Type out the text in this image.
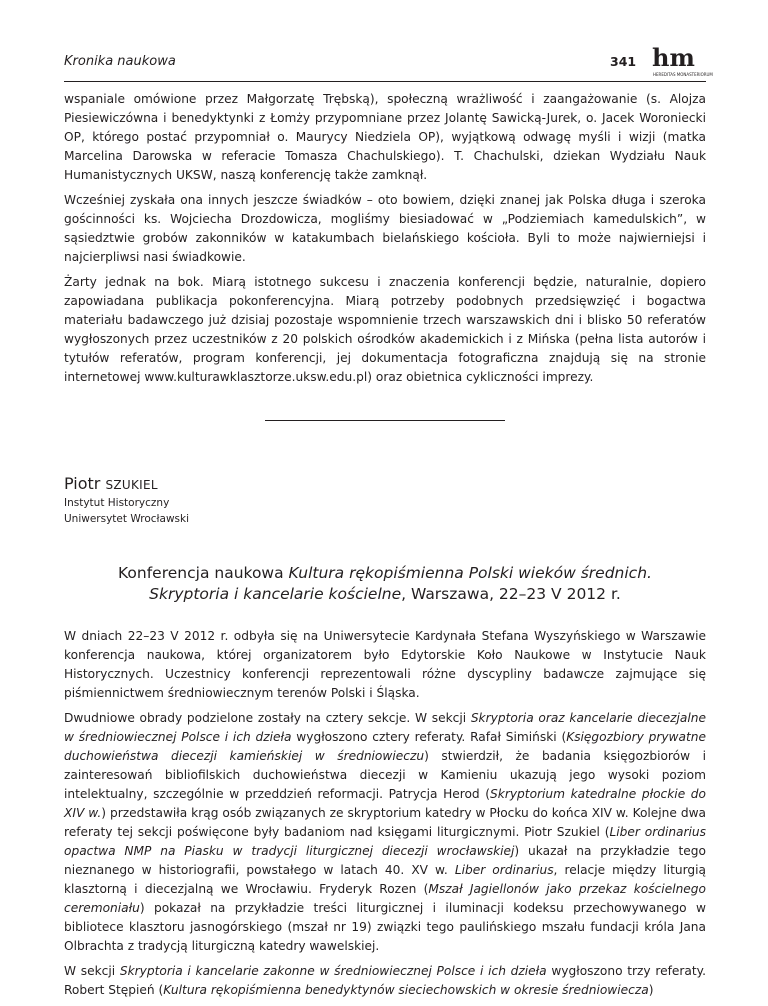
Kronika naukowa	341 hm
HEREDITAS MONASTERIORUM

wspaniale omówione przez Małgorzatę Trębską), społeczną wrażliwość i zaangażowanie (s. Alojza Piesiewiczówna i benedyktynki z Łomży przypomniane przez Jolantę Sawicką-Jurek, o. Jacek Woroniecki OP, którego postać przypomniał o. Maurycy Niedziela OP), wyjątkową odwagę myśli i wizji (matka Marcelina Darowska w referacie Tomasza Chachulskiego). T. Chachulski, dziekan Wydziału Nauk Humanistycznych UKSW, naszą konferencję także zamknął.

Wcześniej zyskała ona innych jeszcze świadków – oto bowiem, dzięki znanej jak Polska długa i szeroka gościnności ks. Wojciecha Drozdowicza, mogliśmy biesiadować w „Podziemiach kamedulskich”, w sąsiedztwie grobów zakonników w katakumbach bielańskiego kościoła. Byli to może najwierniejsi i najcierpliwsi nasi świadkowie.

Żarty jednak na bok. Miarą istotnego sukcesu i znaczenia konferencji będzie, naturalnie, dopiero zapowiadana publikacja pokonferencyjna. Miarą potrzeby podobnych przedsięwzięć i bogactwa materiału badawczego już dzisiaj pozostaje wspomnienie trzech warszawskich dni i blisko 50 referatów wygłoszonych przez uczestników z 20 polskich ośrodków akademickich i z Mińska (pełna lista autorów i tytułów referatów, program konferencji, jej dokumentacja fotograficzna znajdują się na stronie internetowej www.kulturawklasztorze.uksw.edu.pl) oraz obietnica cykliczności imprezy.

Piotr SZUKIEL
Instytut Historyczny
Uniwersytet Wrocławski
Konferencja naukowa Kultura rękopiśmienna Polski wieków średnich.
Skryptoria i kancelarie kościelne, Warszawa, 22–23 V 2012 r.

W dniach 22–23 V 2012 r. odbyła się na Uniwersytecie Kardynała Stefana Wyszyńskiego w Warszawie konferencja naukowa, której organizatorem było Edytorskie Koło Naukowe w Instytucie Nauk Historycznych. Uczestnicy konferencji reprezentowali różne dyscypliny badawcze zajmujące się piśmiennictwem średniowiecznym terenów Polski i Śląska.

Dwudniowe obrady podzielone zostały na cztery sekcje. W sekcji Skryptoria oraz kancelarie diecezjalne w średniowiecznej Polsce i ich dzieła wygłoszono cztery referaty. Rafał Simiński (Księgozbiory prywatne duchowieństwa diecezji kamieńskiej w średniowieczu) stwierdził, że badania księgozbiorów i zainteresowań bibliofilskich duchowieństwa diecezji w Kamieniu ukazują jego wysoki poziom intelektualny, szczególnie w przeddzień reformacji. Patrycja Herod (Skryptorium katedralne płockie do XIV w.) przedstawiła krąg osób związanych ze skryptorium katedry w Płocku do końca XIV w. Kolejne dwa referaty tej sekcji poświęcone były badaniom nad księgami liturgicznymi. Piotr Szukiel (Liber ordinarius opactwa NMP na Piasku w tradycji liturgicznej diecezji wrocławskiej) ukazał na przykładzie tego nieznanego w historiografii, powstałego w latach 40. XV w. Liber ordinarius, relacje między liturgią klasztorną i diecezjalną we Wrocławiu. Fryderyk Rozen (Mszał Jagiellonów jako przekaz kościelnego ceremoniału) pokazał na przykładzie treści liturgicznej i iluminacji kodeksu przechowywanego w bibliotece klasztoru jasnogórskiego (mszał nr 19) związki tego paulińskiego mszału fundacji króla Jana Olbrachta z tradycją liturgiczną katedry wawelskiej.

W sekcji Skryptoria i kancelarie zakonne w średniowiecznej Polsce i ich dzieła wygłoszono trzy referaty. Robert Stępień (Kultura rękopiśmienna benedyktynów sieciechowskich w okresie średniowiecza)
